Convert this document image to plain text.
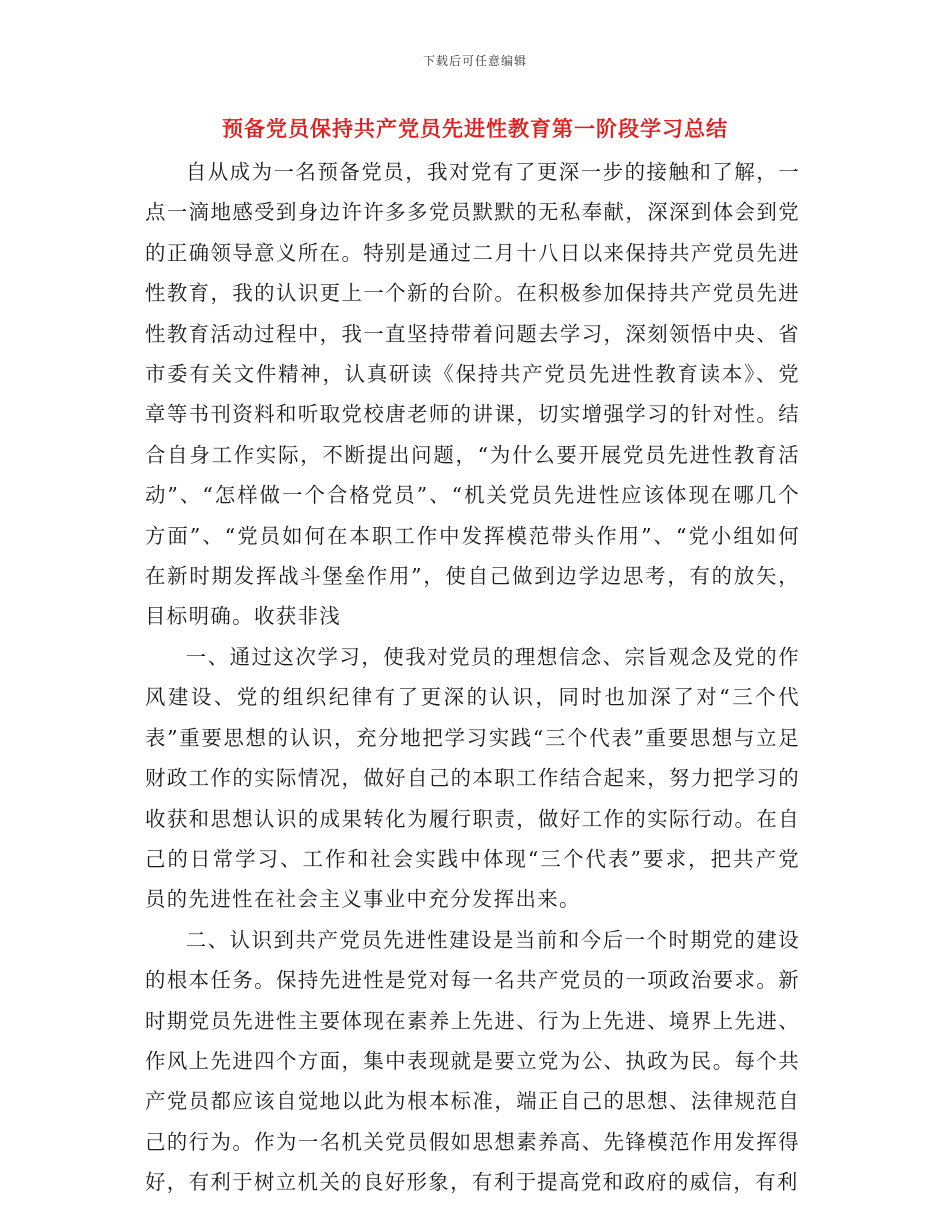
下载后可任意编辑
预备党员保持共产党员先进性教育第一阶段学习总结

自从成为一名预备党员，我对党有了更深一步的接触和了解，一点一滴地感受到身边许许多多党员默默的无私奉献，深深到体会到党的正确领导意义所在。特别是通过二月十八日以来保持共产党员先进性教育，我的认识更上一个新的台阶。在积极参加保持共产党员先进性教育活动过程中，我一直坚持带着问题去学习，深刻领悟中央、省市委有关文件精神，认真研读《保持共产党员先进性教育读本》、党章等书刊资料和听取党校唐老师的讲课，切实增强学习的针对性。结合自身工作实际，不断提出问题，“为什么要开展党员先进性教育活动”、“怎样做一个合格党员”、“机关党员先进性应该体现在哪几个方面”、“党员如何在本职工作中发挥模范带头作用”、“党小组如何在新时期发挥战斗堡垒作用”，使自己做到边学边思考，有的放矢，目标明确。收获非浅

一、通过这次学习，使我对党员的理想信念、宗旨观念及党的作风建设、党的组织纪律有了更深的认识，同时也加深了对“三个代表”重要思想的认识，充分地把学习实践“三个代表”重要思想与立足财政工作的实际情况，做好自己的本职工作结合起来，努力把学习的收获和思想认识的成果转化为履行职责，做好工作的实际行动。在自己的日常学习、工作和社会实践中体现“三个代表”要求，把共产党员的先进性在社会主义事业中充分发挥出来。

二、认识到共产党员先进性建设是当前和今后一个时期党的建设的根本任务。保持先进性是党对每一名共产党员的一项政治要求。新时期党员先进性主要体现在素养上先进、行为上先进、境界上先进、作风上先进四个方面，集中表现就是要立党为公、执政为民。每个共产党员都应该自觉地以此为根本标准，端正自己的思想、法律规范自己的行为。作为一名机关党员假如思想素养高、先锋模范作用发挥得好，有利于树立机关的良好形象，有利于提高党和政府的威信，有利
